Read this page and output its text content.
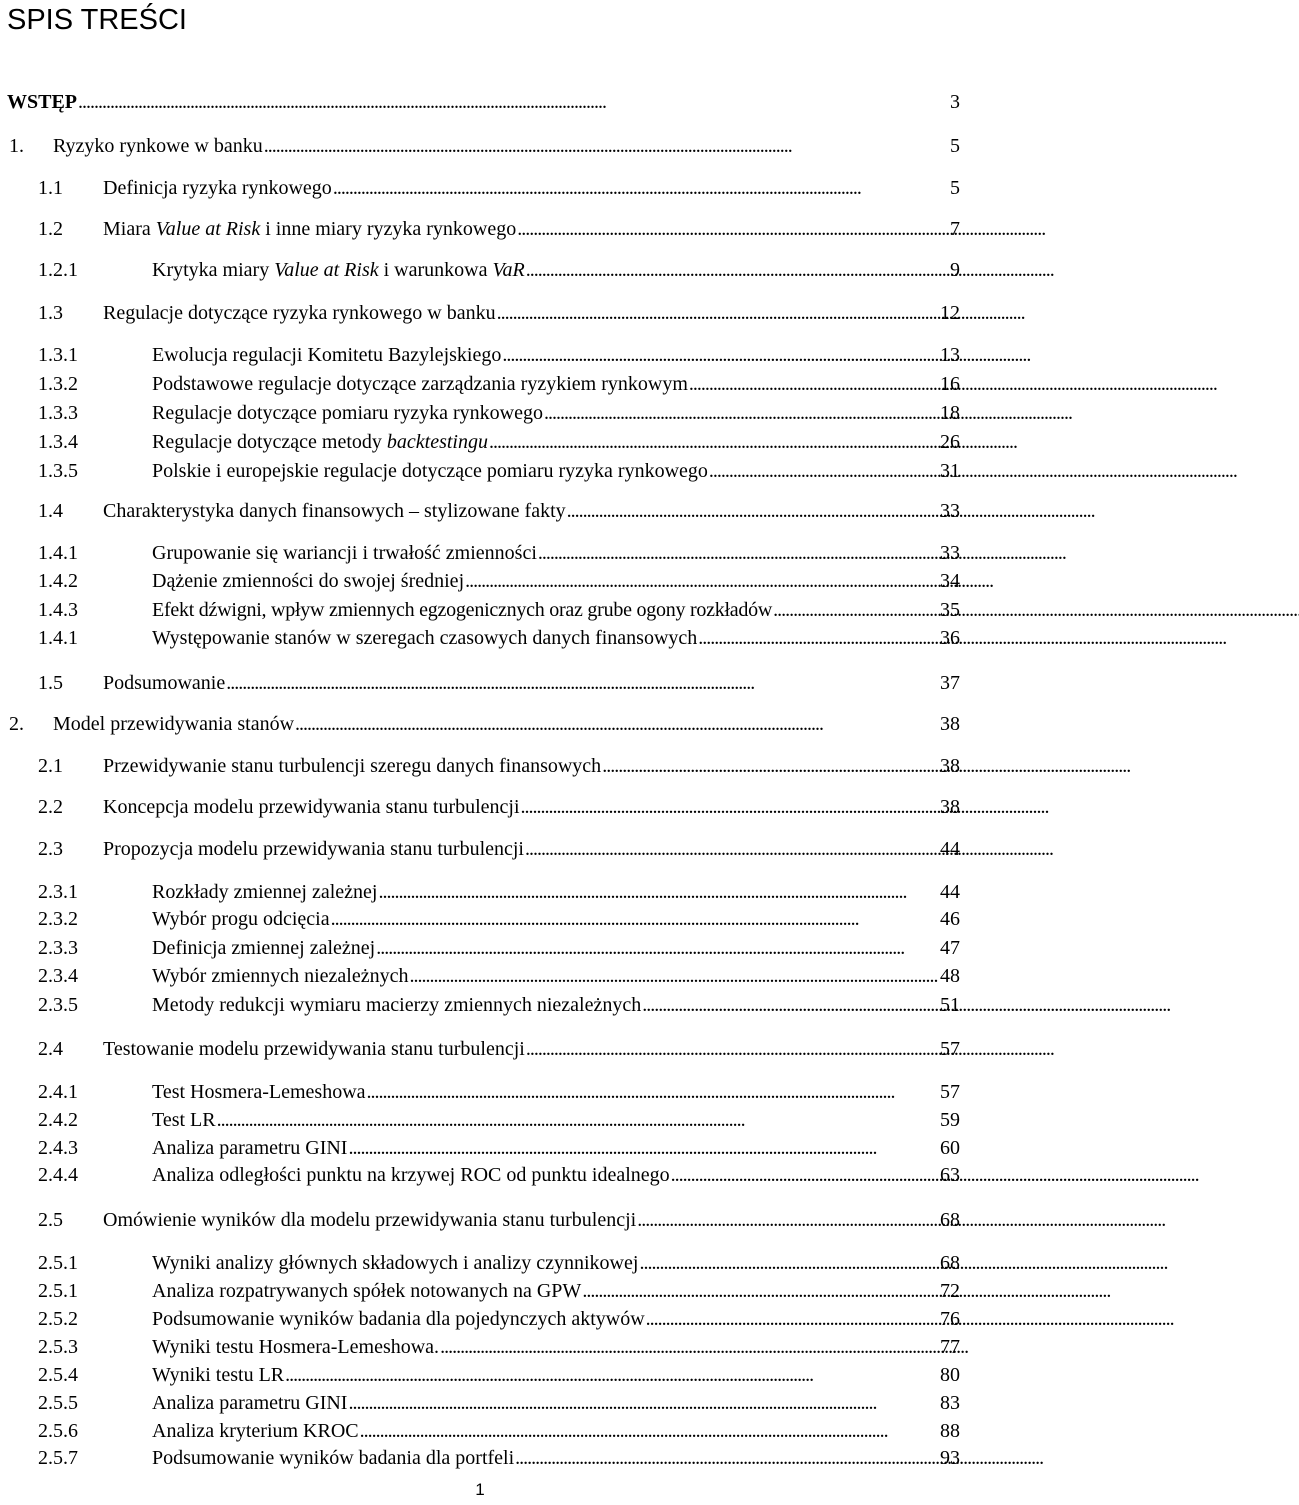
SPIS TREŚCI
WSTĘP . . .	3
1. Ryzyko rynkowe w banku . . .	5
1.1 Definicja ryzyka rynkowego . . .	5
1.2 Miara Value at Risk i inne miary ryzyka rynkowego . . .	7
1.2.1	Krytyka miary Value at Risk i warunkowa VaR . . .	9
1.3 Regulacje dotyczące ryzyka rynkowego w banku . . .	12
1.3.1	Ewolucja regulacji Komitetu Bazylejskiego . . .	13
1.3.2	Podstawowe regulacje dotyczące zarządzania ryzykiem rynkowym . . .	16
1.3.3	Regulacje dotyczące pomiaru ryzyka rynkowego . . .	18
1.3.4	Regulacje dotyczące metody backtestingu . . .	26
1.3.5	Polskie i europejskie regulacje dotyczące pomiaru ryzyka rynkowego . . .	31
1.4 Charakterystyka danych finansowych – stylizowane fakty . . .	33
1.4.1	Grupowanie się wariancji i trwałość zmienności . . .	33
1.4.2	Dążenie zmienności do swojej średniej . . .	34
1.4.3	Efekt dźwigni, wpływ zmiennych egzogenicznych oraz grube ogony rozkładów . . .	35
1.4.1	Występowanie stanów w szeregach czasowych danych finansowych . . .	36
1.5 Podsumowanie . . .	37
2. Model przewidywania stanów . . .	38
2.1 Przewidywanie stanu turbulencji szeregu danych finansowych . . .	38
2.2 Koncepcja modelu przewidywania stanu turbulencji . . .	38
2.3 Propozycja modelu przewidywania stanu turbulencji . . .	44
2.3.1	Rozkłady zmiennej zależnej . . .	44
2.3.2	Wybór progu odcięcia . . .	46
2.3.3	Definicja zmiennej zależnej . . .	47
2.3.4	Wybór zmiennych niezależnych . . .	48
2.3.5	Metody redukcji wymiaru macierzy zmiennych niezależnych . . .	51
2.4 Testowanie modelu przewidywania stanu turbulencji . . .	57
2.4.1	Test Hosmera-Lemeshowa . . .	57
2.4.2	Test LR . . .	59
2.4.3	Analiza parametru GINI . . .	60
2.4.4	Analiza odległości punktu na krzywej ROC od punktu idealnego . . .	63
2.5 Omówienie wyników dla modelu przewidywania stanu turbulencji . . .	68
2.5.1	Wyniki analizy głównych składowych i analizy czynnikowej . . .	68
2.5.1	Analiza rozpatrywanych spółek notowanych na GPW . . .	72
2.5.2	Podsumowanie wyników badania dla pojedynczych aktywów . . .	76
2.5.3	Wyniki testu Hosmera-Lemeshowa. . . .	77
2.5.4	Wyniki testu LR . . .	80
2.5.5	Analiza parametru GINI . . .	83
2.5.6	Analiza kryterium KROC . . .	88
2.5.7	Podsumowanie wyników badania dla portfeli . . .	93
1
